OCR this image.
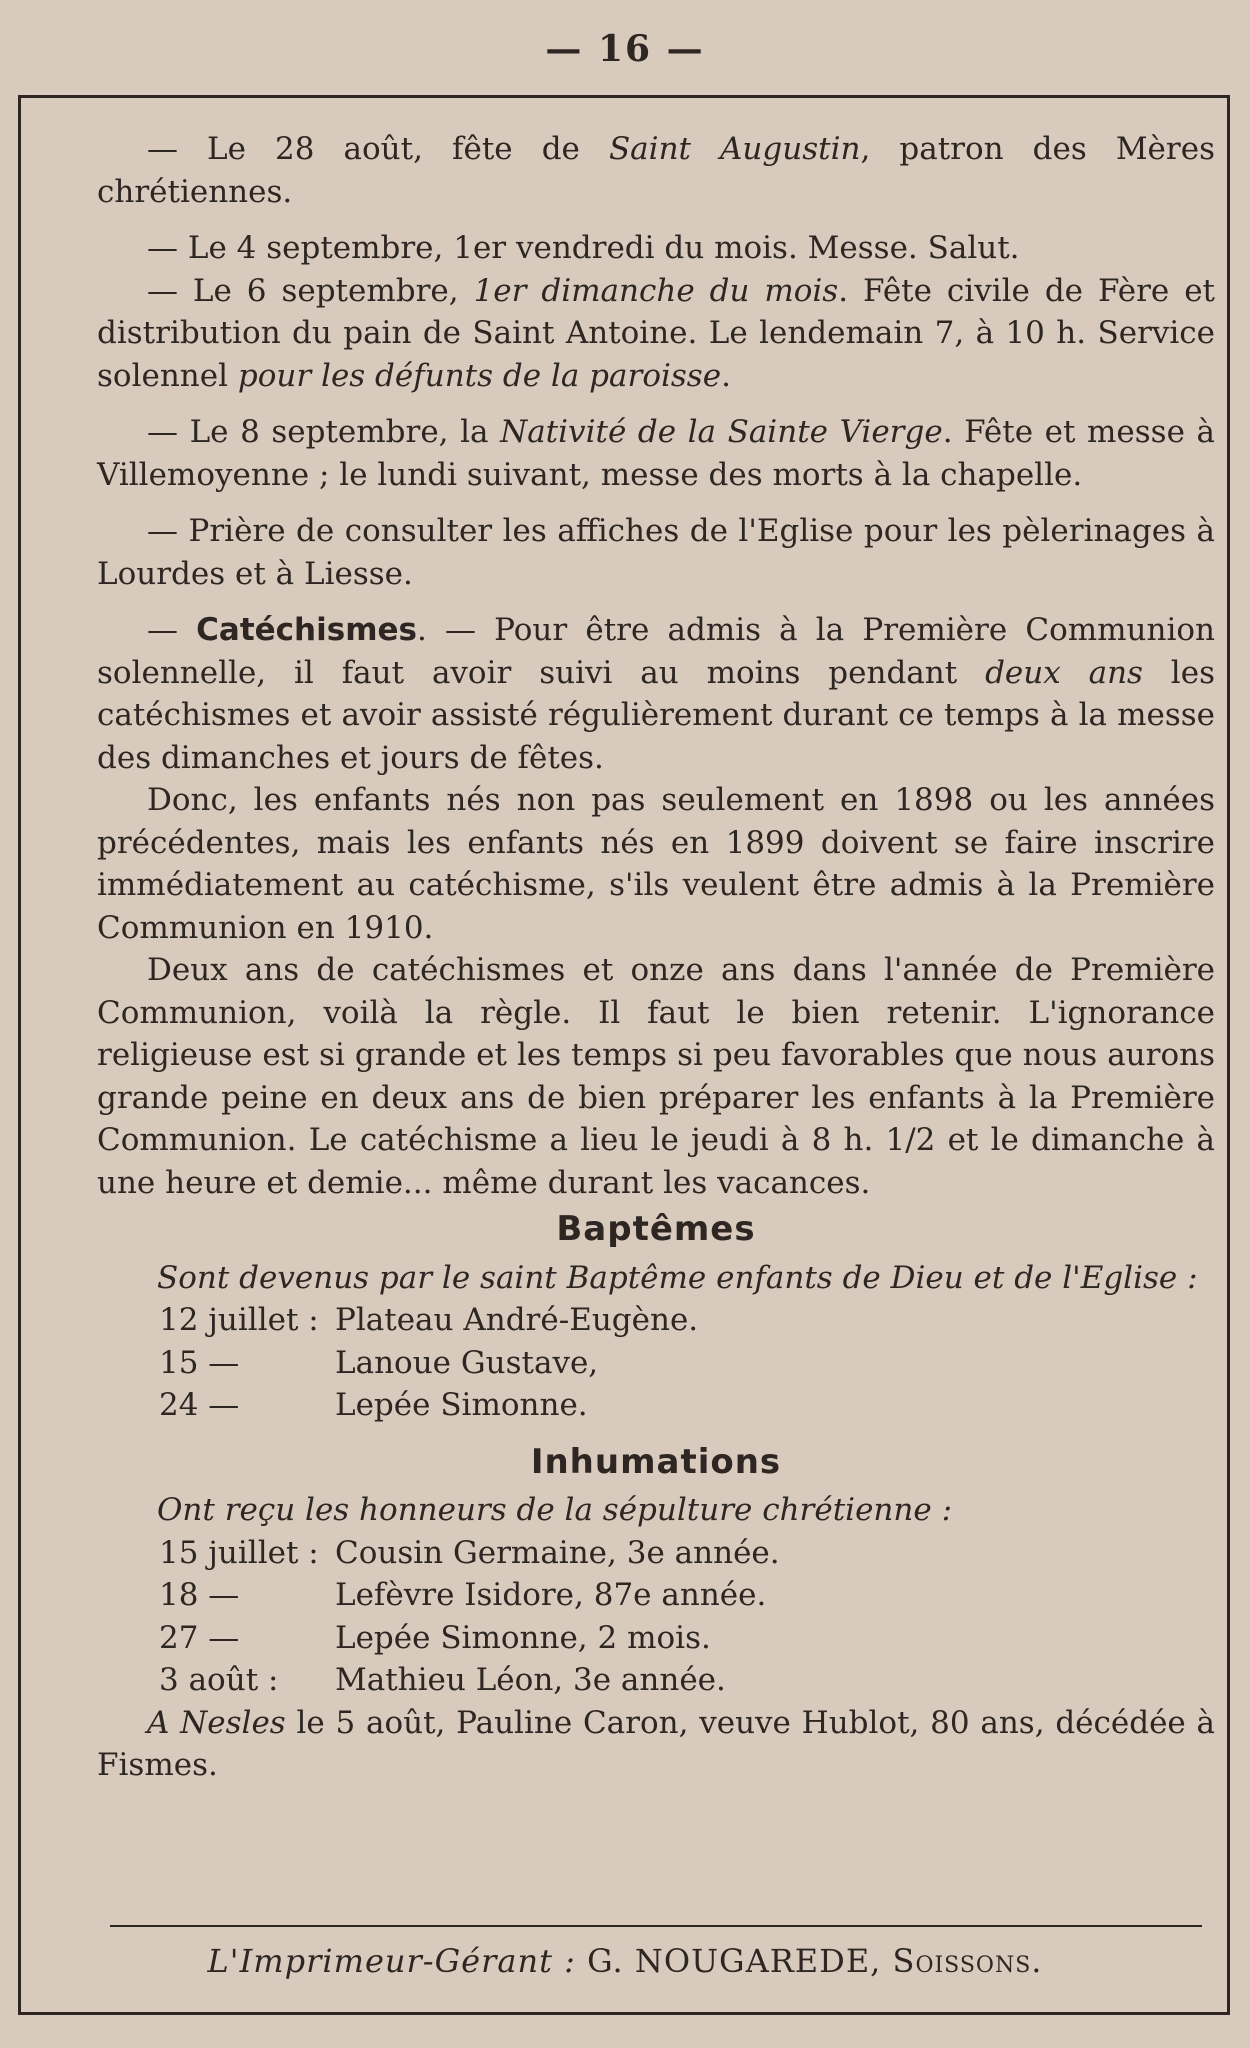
— 16 —

— Le 28 août, fête de Saint Augustin, patron des Mères chrétiennes.

— Le 4 septembre, 1er vendredi du mois. Messe. Salut.

— Le 6 septembre, 1er dimanche du mois. Fête civile de Fère et distribution du pain de Saint Antoine. Le lendemain 7, à 10 h. Service solennel pour les défunts de la paroisse.

— Le 8 septembre, la Nativité de la Sainte Vierge. Fête et messe à Villemoyenne ; le lundi suivant, messe des morts à la chapelle.

— Prière de consulter les affiches de l'Eglise pour les pèlerinages à Lourdes et à Liesse.

— Catéchismes. — Pour être admis à la Première Communion solennelle, il faut avoir suivi au moins pendant deux ans les catéchismes et avoir assisté régulièrement durant ce temps à la messe des dimanches et jours de fêtes.

Donc, les enfants nés non pas seulement en 1898 ou les années précédentes, mais les enfants nés en 1899 doivent se faire inscrire immédiatement au catéchisme, s'ils veulent être admis à la Première Communion en 1910.

Deux ans de catéchismes et onze ans dans l'année de Première Communion, voilà la règle. Il faut le bien retenir. L'ignorance religieuse est si grande et les temps si peu favorables que nous aurons grande peine en deux ans de bien préparer les enfants à la Première Communion. Le catéchisme a lieu le jeudi à 8 h. 1/2 et le dimanche à une heure et demie... même durant les vacances.

Baptêmes

Sont devenus par le saint Baptême enfants de Dieu et de l'Eglise :

12 juillet : Plateau André-Eugène.
15 —	Lanoue Gustave,
24 —	Lepée Simonne.
Inhumations

Ont reçu les honneurs de la sépulture chrétienne :

15 juillet : Cousin Germaine, 3e année.
18 —	Lefèvre Isidore, 87e année.
27 —	Lepée Simonne, 2 mois.
3 août :	Mathieu Léon, 3e année.

A Nesles le 5 août, Pauline Caron, veuve Hublot, 80 ans, décédée à Fismes.

L'Imprimeur-Gérant : G. NOUGAREDE, Soissons.
